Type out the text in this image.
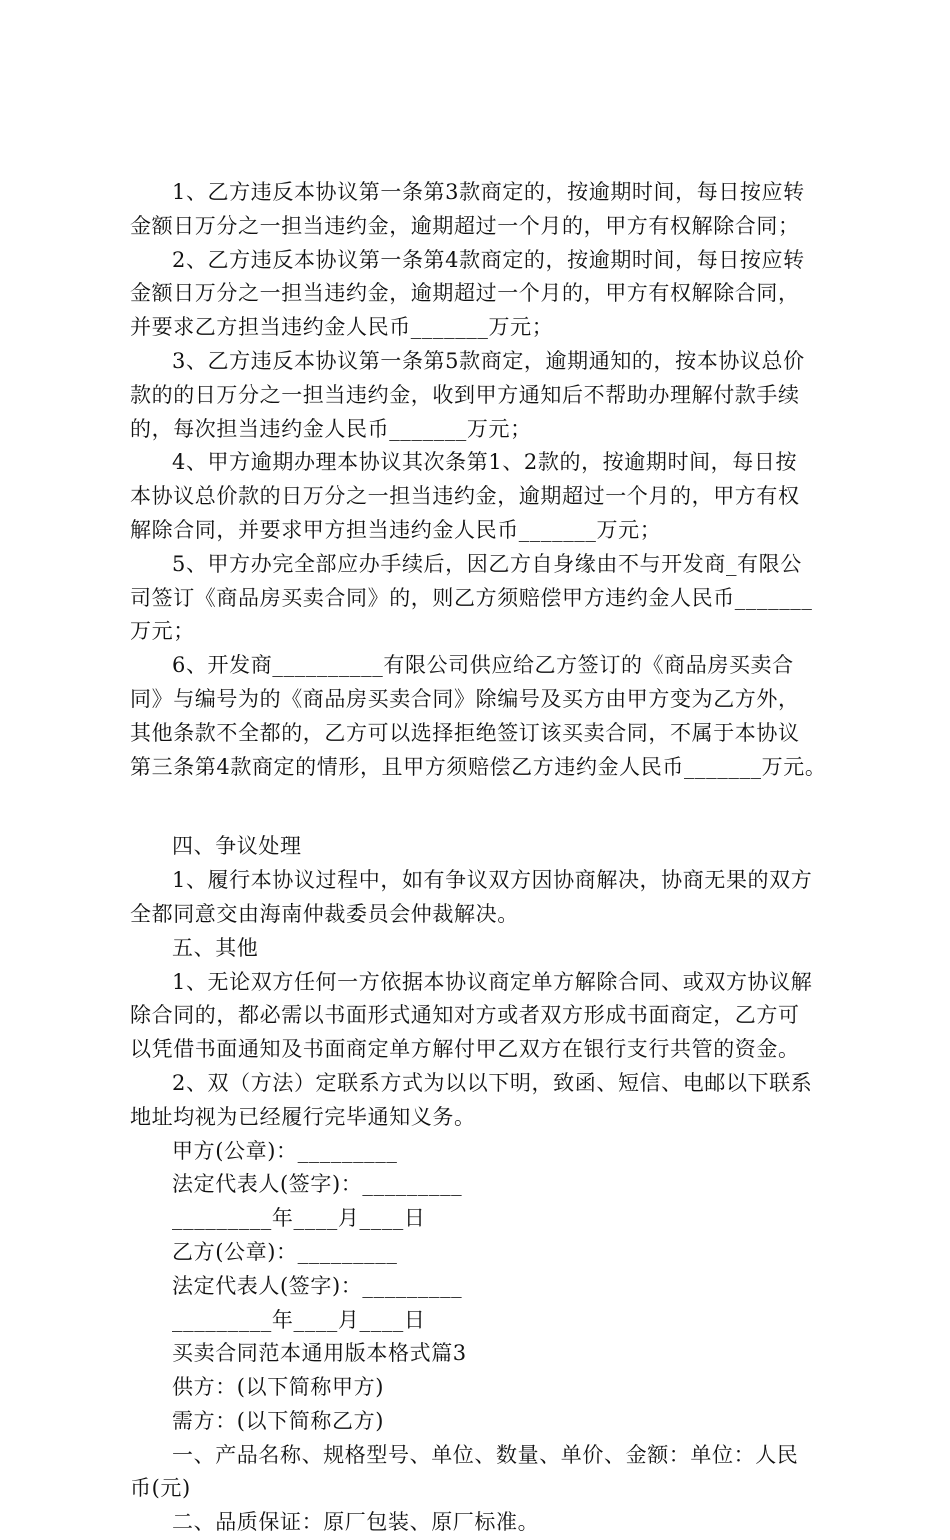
1、乙方违反本协议第一条第3款商定的，按逾期时间，每日按应转
金额日万分之一担当违约金，逾期超过一个月的，甲方有权解除合同；
2、乙方违反本协议第一条第4款商定的，按逾期时间，每日按应转
金额日万分之一担当违约金，逾期超过一个月的，甲方有权解除合同，
并要求乙方担当违约金人民币_______万元；
3、乙方违反本协议第一条第5款商定，逾期通知的，按本协议总价
款的的日万分之一担当违约金，收到甲方通知后不帮助办理解付款手续
的，每次担当违约金人民币_______万元；
4、甲方逾期办理本协议其次条第1、2款的，按逾期时间，每日按
本协议总价款的日万分之一担当违约金，逾期超过一个月的，甲方有权
解除合同，并要求甲方担当违约金人民币_______万元；
5、甲方办完全部应办手续后，因乙方自身缘由不与开发商_有限公
司签订《商品房买卖合同》的，则乙方须赔偿甲方违约金人民币_______
万元；
6、开发商__________有限公司供应给乙方签订的《商品房买卖合
同》与编号为的《商品房买卖合同》除编号及买方由甲方变为乙方外，
其他条款不全都的，乙方可以选择拒绝签订该买卖合同，不属于本协议
第三条第4款商定的情形，且甲方须赔偿乙方违约金人民币_______万元。
四、争议处理
1、履行本协议过程中，如有争议双方因协商解决，协商无果的双方
全都同意交由海南仲裁委员会仲裁解决。
五、其他
1、无论双方任何一方依据本协议商定单方解除合同、或双方协议解
除合同的，都必需以书面形式通知对方或者双方形成书面商定，乙方可
以凭借书面通知及书面商定单方解付甲乙双方在银行支行共管的资金。
2、双（方法）定联系方式为以以下明，致函、短信、电邮以下联系
地址均视为已经履行完毕通知义务。
甲方(公章)：_________
法定代表人(签字)：_________
_________年____月____日
乙方(公章)：_________
法定代表人(签字)：_________
_________年____月____日
买卖合同范本通用版本格式篇3
供方：(以下简称甲方)
需方：(以下简称乙方)
一、产品名称、规格型号、单位、数量、单价、金额：单位：人民
币(元)
二、品质保证：原厂包装、原厂标准。
